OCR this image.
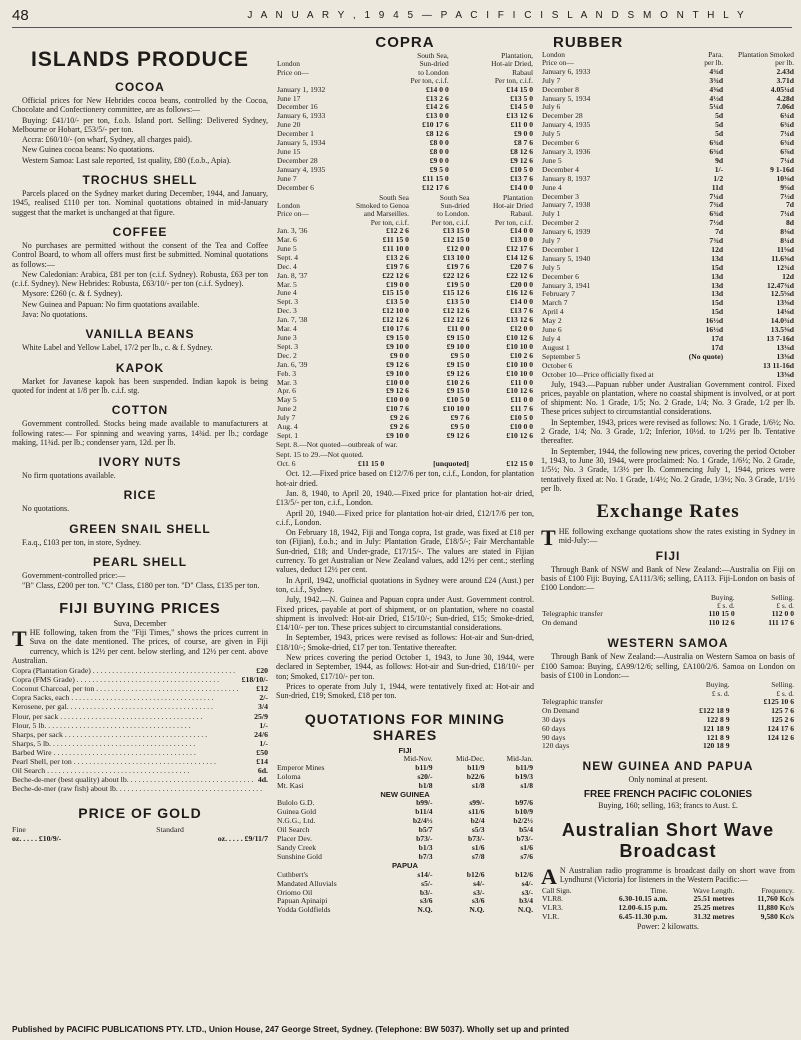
48	J A N U A R Y , 1 9 4 5 — P A C I F I C I S L A N D S M O N T H L Y
ISLANDS PRODUCE
COCOA

Official prices for New Hebrides cocoa beans, controlled by the Cocoa, Chocolate and Confectionery committee, are as follows:—

Buying: £41/10/- per ton, f.o.b. Island port. Selling: Delivered Sydney, Melbourne or Hobart, £53/5/- per ton.

Accra: £60/10/- (on wharf, Sydney, all charges paid).

New Guinea cocoa beans: No quotations.

Western Samoa: Last sale reported, 1st quality, £80 (f.o.b., Apia).

TROCHUS SHELL

Parcels placed on the Sydney market during December, 1944, and January, 1945, realised £110 per ton. Nominal quotations obtained in mid-January suggest that the market is unchanged at that figure.

COFFEE

No purchases are permitted without the consent of the Tea and Coffee Control Board, to whom all offers must first be submitted. Nominal quotations as follows:—

New Caledonian: Arabica, £81 per ton (c.i.f. Sydney). Robusta, £63 per ton (c.i.f. Sydney). New Hebrides: Robusta, £63/10/- per ton (c.i.f. Sydney).

Mysore: £260 (c. & f. Sydney).

New Guinea and Papuan: No firm quotations available.

Java: No quotations.

VANILLA BEANS

White Label and Yellow Label, 17/2 per lb., c. & f. Sydney.

KAPOK

Market for Javanese kapok has been suspended. Indian kapok is being quoted for indent at 1/8 per lb. c.i.f. stg.

COTTON

Government controlled. Stocks being made available to manufacturers at following rates:— For spinning and weaving yarns, 14¾d. per lb.; cordage making, 11¾d. per lb.; condenser yarn, 12d. per lb.

IVORY NUTS

No firm quotations available.

RICE

No quotations.

GREEN SNAIL SHELL

F.a.q., £103 per ton, in store, Sydney.

PEARL SHELL

Government-controlled price:—

"B" Class, £200 per ton. "C" Class, £180 per ton. "D" Class, £135 per ton.

FIJI BUYING PRICES

Suva, December

THE following, taken from the "Fiji Times," shows the prices current in Suva on the date mentioned. The prices, of course, are given in Fiji currency, which is 12½ per cent. below sterling, and 12½ per cent. above Australian.

Copra (Plantation Grade) . . .	£20
Copra (FMS Grade) . . .	£18/10/-
Coconut Charcoal, per ton . . .	£12
Copra Sacks, each . . .	2/-
Kerosene, per gal. . . .	3/4
Flour, per sack . . .	25/9
Flour, 5 lb. . . .	1/-
Sharps, per sack . . .	24/6
Sharps, 5 lb. . . .	1/-
Barbed Wire . . .	£50
Pearl Shell, per ton . . .	£14
Oil Search . . .	6d.
Beche-de-mer (best quality) about lb. . . .	4d.
Beche-de-mer (raw fish) about lb. . . .
PRICE OF GOLD
Fine	Standard
oz. . . . . £10/9/-	oz. . . . . £9/11/7
COPRA
	South Sea,	Plantation,
London	Sun-dried	Hot-air Dried,
Price on—	to London	Rabaul
	Per ton, c.i.f.	Per ton, c.i.f.
January 1, 1932	£14 0 0	£14 15 0
June 17	£13 2 6	£13 5 0
December 16	£14 2 6	£14 5 0
January 6, 1933	£13 0 0	£13 12 6
June 20	£10 17 6	£11 0 0
December 1	£8 12 6	£9 0 0
January 5, 1934	£8 0 0	£8 7 6
June 15	£8 0 0	£8 12 6
December 28	£9 0 0	£9 12 6
January 4, 1935	£9 5 0	£10 5 0
June 7	£11 15 0	£13 7 6
December 6	£12 17 6	£14 0 0
	South Sea	South Sea	Plantation
London	Smoked to Genoa	Sun-dried	Hot-air Dried
Price on—	and Marseilles.	to London.	Rabaul.
	Per ton, c.i.f.	Per ton, c.i.f.	Per ton, c.i.f.
Jan. 3, '36	£12 2 6	£13 15 0	£14 0 0
Mar. 6	£11 15 0	£12 15 0	£13 0 0
June 5	£11 10 0	£12 0 0	£12 17 6
Sept. 4	£13 2 6	£13 10 0	£14 12 6
Dec. 4	£19 7 6	£19 7 6	£20 7 6
Jan. 8, '37	£22 12 6	£22 12 6	£22 12 6
Mar. 5	£19 0 0	£19 5 0	£20 0 0
June 4	£15 15 0	£15 12 6	£16 12 6
Sept. 3	£13 5 0	£13 5 0	£14 0 0
Dec. 3	£12 10 0	£12 12 6	£13 7 6
Jan. 7, '38	£12 12 6	£12 12 6	£13 12 6
Mar. 4	£10 17 6	£11 0 0	£12 0 0
June 3	£9 15 0	£9 15 0	£10 12 6
Sept. 3	£9 10 0	£9 10 0	£10 10 0
Dec. 2	£9 0 0	£9 5 0	£10 2 6
Jan. 6, '39	£9 12 6	£9 15 0	£10 10 0
Feb. 3	£9 10 0	£9 12 6	£10 10 0
Mar. 3	£10 0 0	£10 2 6	£11 0 0
Apr. 6	£9 12 6	£9 15 0	£10 12 6
May 5	£10 0 0	£10 5 0	£11 0 0
June 2	£10 7 6	£10 10 0	£11 7 6
July 7	£9 2 6	£9 7 6	£10 5 0
Aug. 4	£9 2 6	£9 5 0	£10 0 0
Sept. 1	£9 10 0	£9 12 6	£10 12 6

Sept. 8.—Not quoted—outbreak of war.

Sept. 15 to 29.—Not quoted.

Oct. 6	£11 15 0	[unquoted]	£12 15 0

Oct. 12.—Fixed price based on £12/7/6 per ton, c.i.f., London, for plantation hot-air dried.

Jan. 8, 1940, to April 20, 1940.—Fixed price for plantation hot-air dried, £13/5/- per ton, c.i.f., London.

April 20, 1940.—Fixed price for plantation hot-air dried, £12/17/6 per ton, c.i.f., London.

On February 18, 1942, Fiji and Tonga copra, 1st grade, was fixed at £18 per ton (Fijian), f.o.b.; and in July: Plantation Grade, £18/5/-; Fair Merchantable Sun-dried, £18; and Under-grade, £17/15/-. The values are stated in Fijian currency. To get Australian or New Zealand values, add 12½ per cent.; sterling values, deduct 12½ per cent.

In April, 1942, unofficial quotations in Sydney were around £24 (Aust.) per ton, c.i.f., Sydney.

July, 1942.—N. Guinea and Papuan copra under Aust. Government control. Fixed prices, payable at port of shipment, or on plantation, where no coastal shipment is involved: Hot-air Dried, £15/10/-; Sun-dried, £15; Smoke-dried, £14/10/- per ton. These prices subject to circumstantial considerations.

In September, 1943, prices were revised as follows: Hot-air and Sun-dried, £18/10/-; Smoke-dried, £17 per ton. Tentative thereafter.

New prices covering the period October 1, 1943, to June 30, 1944, were declared in September, 1944, as follows: Hot-air and Sun-dried, £18/10/- per ton; Smoked, £17/10/- per ton.

Prices to operate from July 1, 1944, were tentatively fixed at: Hot-air and Sun-dried, £19; Smoked, £18 per ton.

QUOTATIONS FOR MINING SHARES
FIJI			
	Mid-Nov.	Mid-Dec.	Mid-Jan.
Emperor Mines	b11/9	b11/9	b11/9
Loloma	s20/-	b22/6	b19/3
Mt. Kasi	b1/8	s1/8	s1/8
NEW GUINEA			
Bulolo G.D.	b99/-	s99/-	b97/6
Guinea Gold	b11/4	s11/6	b10/9
N.G.G., Ltd.	b2/4½	b2/4	b2/2½
Oil Search	b5/7	s5/3	b5/4
Placer Dev.	b73/-	b73/-	b73/-
Sandy Creek	b1/3	s1/6	s1/6
Sunshine Gold	b7/3	s7/8	s7/6
PAPUA			
Cuthbert's	s14/-	b12/6	b12/6
Mandated Alluvials	s5/-	s4/-	s4/-
Oriomo Oil	b3/-	s3/-	s3/-
Papuan Apinaipi	s3/6	s3/6	b3/4
Yodda Goldfields	N.Q.	N.Q.	N.Q.
RUBBER
London	Para.	Plantation Smoked
Price on—	per lb.	per lb.
January 6, 1933	4¾d	2.43d
July 7	3¾d	3.71d
December 8	4⅜d	4.05¼d
January 5, 1934	4½d	4.28d
July 6	5¼d	7.06d
December 28	5d	6¼d
January 4, 1935	5d	6¾d
July 5	5d	7¼d
December 6	6¾d	6¾d
January 3, 1936	6¾d	6⅞d
June 5	9d	7¼d
December 4	1/-	9 1-16d
January 8, 1937	1/2	10⅛d
June 4	11d	9⅝d
December 3	7¼d	7½d
January 7, 1938	7¾d	7d
July 1	6¾d	7¼d
December 2	7½d	8d
January 6, 1939	7d	8⅛d
July 7	7¾d	8¼d
December 1	12d	11⅝d
January 5, 1940	13d	11.6⅜d
July 5	15d	12¾d
December 6	13d	12d
January 3, 1941	13d	12.47¾d
February 7	13d	12.5⅝d
March 7	15d	13⅜d
April 4	15d	14⅛d
May 2	16½d	14.0¾d
June 6	16½d	13.5⅜d
July 4	17d	13 7-16d
August 1	17d	13⅛d
September 5	(No quote)	13⅜d
October 6		13 11-16d
October 10—Price officially fixed at		13⅜d

July, 1943.—Papuan rubber under Australian Government control. Fixed prices, payable on plantation, where no coastal shipment is involved, or at port of shipment: No. 1 Grade, 1/5; No. 2 Grade, 1/4; No. 3 Grade, 1/2 per lb. These prices subject to circumstantial considerations.

In September, 1943, prices were revised as follows: No. 1 Grade, 1/6½; No. 2 Grade, 1/4; No. 3 Grade, 1/2; Inferior, 10½d. to 1/2½ per lb. Tentative thereafter.

In September, 1944, the following new prices, covering the period October 1, 1943, to June 30, 1944, were proclaimed: No. 1 Grade, 1/6½; No. 2 Grade, 1/5½; No. 3 Grade, 1/3½ per lb. Commencing July 1, 1944, prices were tentatively fixed at: No. 1 Grade, 1/4½; No. 2 Grade, 1/3½; No. 3 Grade, 1/1½ per lb.

Exchange Rates

THE following exchange quotations show the rates existing in Sydney in mid-July:—

FIJI

Through Bank of NSW and Bank of New Zealand:—Australia on Fiji on basis of £100 Fiji: Buying, £A111/3/6; selling, £A113. Fiji-London on basis of £100 London:—

	Buying.	Selling.
	£ s. d.	£ s. d.
Telegraphic transfer	110 15 0	112 0 0
On demand	110 12 6	111 17 6
WESTERN SAMOA

Through Bank of New Zealand:—Australia on Western Samoa on basis of £100 Samoa: Buying, £A99/12/6; selling, £A100/2/6. Samoa on London on basis of £100 in London:—

	Buying.	Selling.
	£ s. d.	£ s. d.
Telegraphic transfer		£125 10 6
On Demand	£122 18 9	125 7 6
30 days	122 8 9	125 2 6
60 days	121 18 9	124 17 6
90 days	121 8 9	124 12 6
120 days	120 18 9	
NEW GUINEA AND PAPUA

Only nominal at present.

FREE FRENCH PACIFIC COLONIES

Buying, 160; selling, 163; francs to Aust. £.

Australian Short Wave Broadcast

A N Australian radio programme is broadcast daily on short wave from Lyndhurst (Victoria) for listeners in the Western Pacific:—

Call Sign.	Time.	Wave Length.	Frequency.
VLR8.	6.30-10.15 a.m.	25.51 metres	11,760 Kc/s
VLR3.	12.00-6.15 p.m.	25.25 metres	11,880 Kc/s
VLR.	6.45-11.30 p.m.	31.32 metres	9,580 Kc/s

Power: 2 kilowatts.

Published by PACIFIC PUBLICATIONS PTY. LTD., Union House, 247 George Street, Sydney. (Telephone: BW 5037). Wholly set up and printed
